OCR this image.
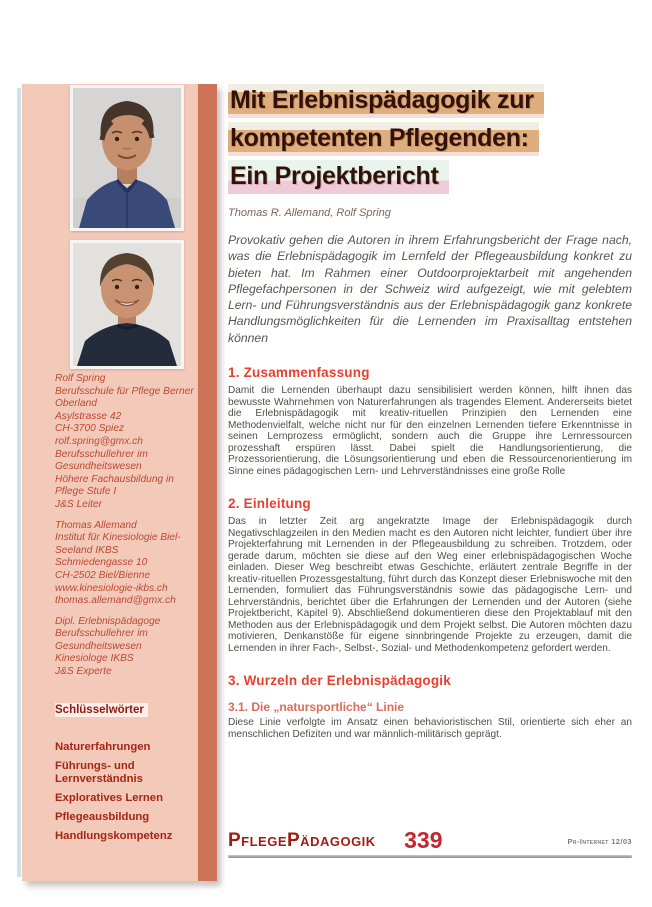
Rolf Spring
Berufsschule für Pflege Berner Oberland
Asylstrasse 42
CH-3700 Spiez
rolf.spring@gmx.ch
Berufsschullehrer im Gesundheitswesen
Höhere Fachausbildung in Pflege Stufe I
J&S Leiter
Thomas Allemand
Institut für Kinesiologie Biel-Seeland IKBS
Schmiedengasse 10
CH-2502 Biel/Bienne
www.kinesiologie-ikbs.ch
thomas.allemand@gmx.ch
Dipl. Erlebnispädagoge
Berufsschullehrer im Gesundheitswesen
Kinesiologe IKBS
J&S Experte
Schlüsselwörter
Naturerfahrungen
Führungs- und Lernverständnis
Exploratives Lernen
Pflegeausbildung
Handlungskompetenz
Mit Erlebnispädagogik zur
kompetenten Pflegenden:
Ein Projektbericht
Thomas R. Allemand, Rolf Spring
Provokativ gehen die Autoren in ihrem Erfahrungsbericht der Frage nach, was die Erlebnispädagogik im Lernfeld der Pflegeausbildung konkret zu bieten hat. Im Rahmen einer Outdoorprojektarbeit mit angehenden Pflegefachpersonen in der Schweiz wird aufgezeigt, wie mit gelebtem Lern- und Führungsverständnis aus der Erlebnispädagogik ganz konkrete Handlungsmöglichkeiten für die Lernenden im Praxisalltag entstehen können
1. Zusammenfassung
Damit die Lernenden überhaupt dazu sensibilisiert werden können, hilft ihnen das bewusste Wahrnehmen von Naturerfahrungen als tragendes Element. Andererseits bietet die Erlebnispädagogik mit kreativ-rituellen Prinzipien den Lernenden eine Methodenvielfalt, welche nicht nur für den einzelnen Lernenden tiefere Erkenntnisse in seinen Lernprozess ermöglicht, sondern auch die Gruppe ihre Lernressourcen prozesshaft erspüren lässt. Dabei spielt die Handlungsorientierung, die Prozessorientierung, die Lösungsorientierung und eben die Ressourcenorientierung im Sinne eines pädagogischen Lern- und Lehrverständnisses eine große Rolle
2. Einleitung
Das in letzter Zeit arg angekratzte Image der Erlebnispädagogik durch Negativschlagzeilen in den Medien macht es den Autoren nicht leichter, fundiert über ihre Projekterfahrung mit Lernenden in der Pflegeausbildung zu schreiben. Trotzdem, oder gerade darum, möchten sie diese auf den Weg einer erlebnispädagogischen Woche einladen. Dieser Weg beschreibt etwas Geschichte, erläutert zentrale Begriffe in der kreativ-rituellen Prozessgestaltung, führt durch das Konzept dieser Erlebniswoche mit den Lernenden, formuliert das Führungsverständnis sowie das pädagogische Lern- und Lehrverständnis, berichtet über die Erfahrungen der Lernenden und der Autoren (siehe Projektbericht, Kapitel 9). Abschließend dokumentieren diese den Projektablauf mit den Methoden aus der Erlebnispädagogik und dem Projekt selbst. Die Autoren möchten dazu motivieren, Denkanstöße für eigene sinnbringende Projekte zu erzeugen, damit die Lernenden in ihrer Fach-, Selbst-, Sozial- und Methodenkompetenz gefordert werden.
3. Wurzeln der Erlebnispädagogik
3.1. Die „natursportliche“ Linie
Diese Linie verfolgte im Ansatz einen behavioristischen Stil, orientierte sich eher an menschlichen Defiziten und war männlich-militärisch geprägt.
PflegePädagogik 339	Pr-Internet 12/03
